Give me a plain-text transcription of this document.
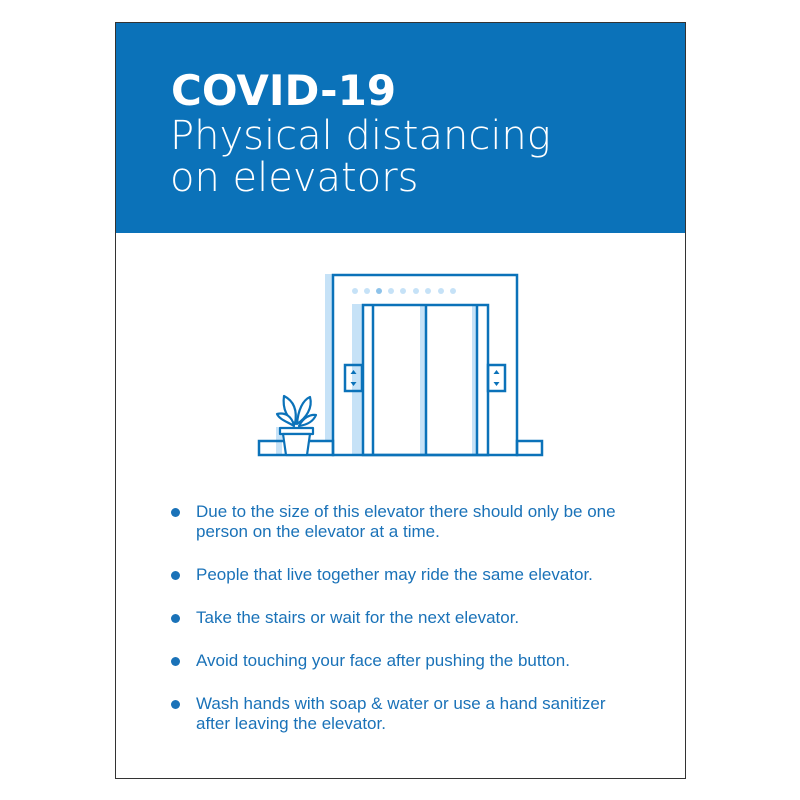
COVID-19
Physical distancing
on elevators
Due to the size of this elevator there should only be one person on the elevator at a time.
People that live together may ride the same elevator.
Take the stairs or wait for the next elevator.
Avoid touching your face after pushing the button.
Wash hands with soap & water or use a hand sanitizer after leaving the elevator.
